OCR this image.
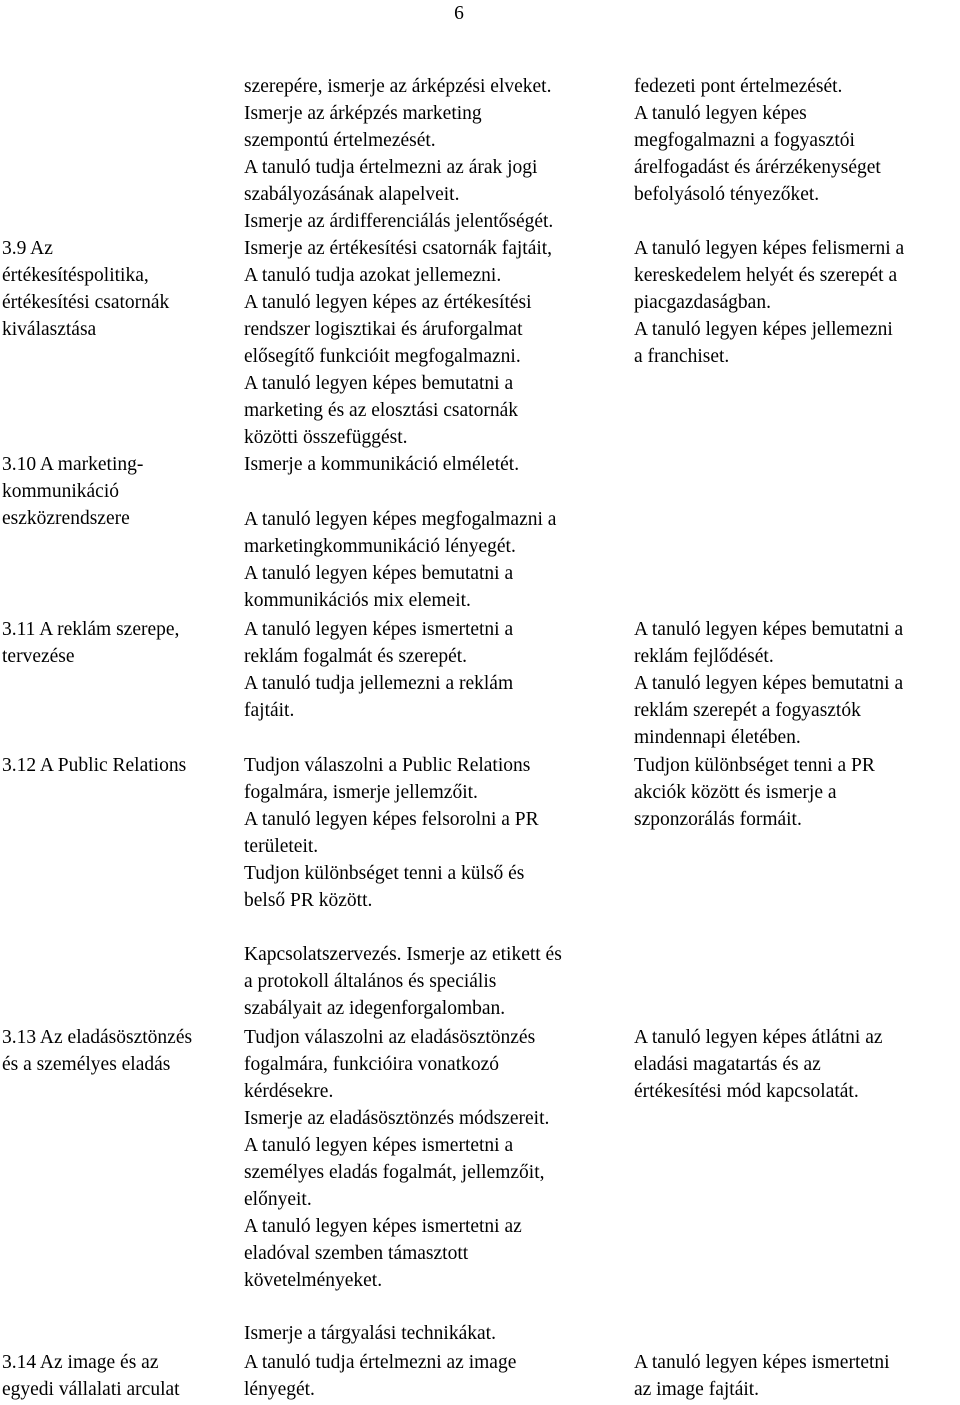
6
szerepére, ismerje az árképzési elveket.
Ismerje az árképzés marketing
szempontú értelmezését.
A tanuló tudja értelmezni az árak jogi
szabályozásának alapelveit.
Ismerje az árdifferenciálás jelentőségét.
fedezeti pont értelmezését.
A tanuló legyen képes
megfogalmazni a fogyasztói
árelfogadást és árérzékenységet
befolyásoló tényezőket.
3.9 Az
értékesítéspolitika,
értékesítési csatornák
kiválasztása
Ismerje az értékesítési csatornák fajtáit,
A tanuló tudja azokat jellemezni.
A tanuló legyen képes az értékesítési
rendszer logisztikai és áruforgalmat
elősegítő funkcióit megfogalmazni.
A tanuló legyen képes bemutatni a
marketing és az elosztási csatornák
közötti összefüggést.
A tanuló legyen képes felismerni a
kereskedelem helyét és szerepét a
piacgazdaságban.
A tanuló legyen képes jellemezni
a franchiset.
3.10 A marketing-
kommunikáció
eszközrendszere
Ismerje a kommunikáció elméletét.
A tanuló legyen képes megfogalmazni a
marketingkommunikáció lényegét.
A tanuló legyen képes bemutatni a
kommunikációs mix elemeit.
3.11 A reklám szerepe,
tervezése
A tanuló legyen képes ismertetni a
reklám fogalmát és szerepét.
A tanuló tudja jellemezni a reklám
fajtáit.
A tanuló legyen képes bemutatni a
reklám fejlődését.
A tanuló legyen képes bemutatni a
reklám szerepét a fogyasztók
mindennapi életében.
3.12 A Public Relations	Tudjon válaszolni a Public Relations
fogalmára, ismerje jellemzőit.
A tanuló legyen képes felsorolni a PR
területeit.
Tudjon különbséget tenni a külső és
belső PR között.
Tudjon különbséget tenni a PR
akciók között és ismerje a
szponzorálás formáit.
Kapcsolatszervezés. Ismerje az etikett és
a protokoll általános és speciális
szabályait az idegenforgalomban.
3.13 Az eladásösztönzés
és a személyes eladás
Tudjon válaszolni az eladásösztönzés
fogalmára, funkcióira vonatkozó
kérdésekre.
Ismerje az eladásösztönzés módszereit.
A tanuló legyen képes ismertetni a
személyes eladás fogalmát, jellemzőit,
előnyeit.
A tanuló legyen képes ismertetni az
eladóval szemben támasztott
követelményeket.
A tanuló legyen képes átlátni az
eladási magatartás és az
értékesítési mód kapcsolatát.
Ismerje a tárgyalási technikákat.
3.14 Az image és az
egyedi vállalati arculat
A tanuló tudja értelmezni az image
lényegét.
A tanuló legyen képes ismertetni
az image fajtáit.
